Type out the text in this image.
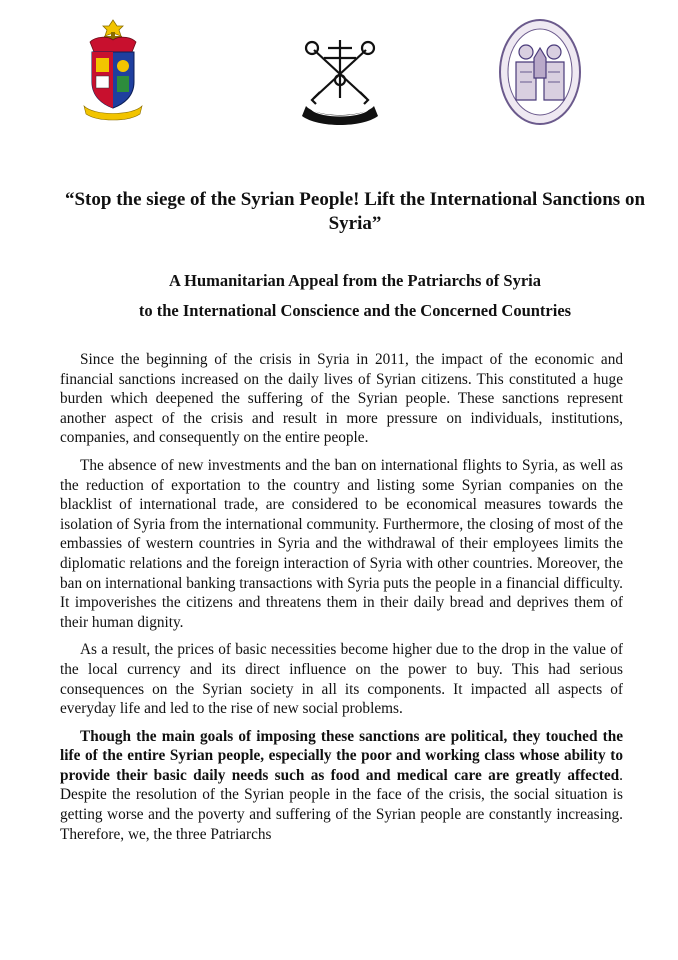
“Stop the siege of the Syrian People! Lift the International Sanctions on Syria”
A Humanitarian Appeal from the Patriarchs of Syria
to the International Conscience and the Concerned Countries

Since the beginning of the crisis in Syria in 2011, the impact of the economic and financial sanctions increased on the daily lives of Syrian citizens. This constituted a huge burden which deepened the suffering of the Syrian people. These sanctions represent another aspect of the crisis and result in more pressure on individuals, institutions, companies, and consequently on the entire people.

The absence of new investments and the ban on international flights to Syria, as well as the reduction of exportation to the country and listing some Syrian companies on the blacklist of international trade, are considered to be economical measures towards the isolation of Syria from the international community. Furthermore, the closing of most of the embassies of western countries in Syria and the withdrawal of their employees limits the diplomatic relations and the foreign interaction of Syria with other countries. Moreover, the ban on international banking transactions with Syria puts the people in a financial difficulty. It impoverishes the citizens and threatens them in their daily bread and deprives them of their human dignity.

As a result, the prices of basic necessities become higher due to the drop in the value of the local currency and its direct influence on the power to buy. This had serious consequences on the Syrian society in all its components. It impacted all aspects of everyday life and led to the rise of new social problems.

Though the main goals of imposing these sanctions are political, they touched the life of the entire Syrian people, especially the poor and working class whose ability to provide their basic daily needs such as food and medical care are greatly affected. Despite the resolution of the Syrian people in the face of the crisis, the social situation is getting worse and the poverty and suffering of the Syrian people are constantly increasing. Therefore, we, the three Patriarchs
